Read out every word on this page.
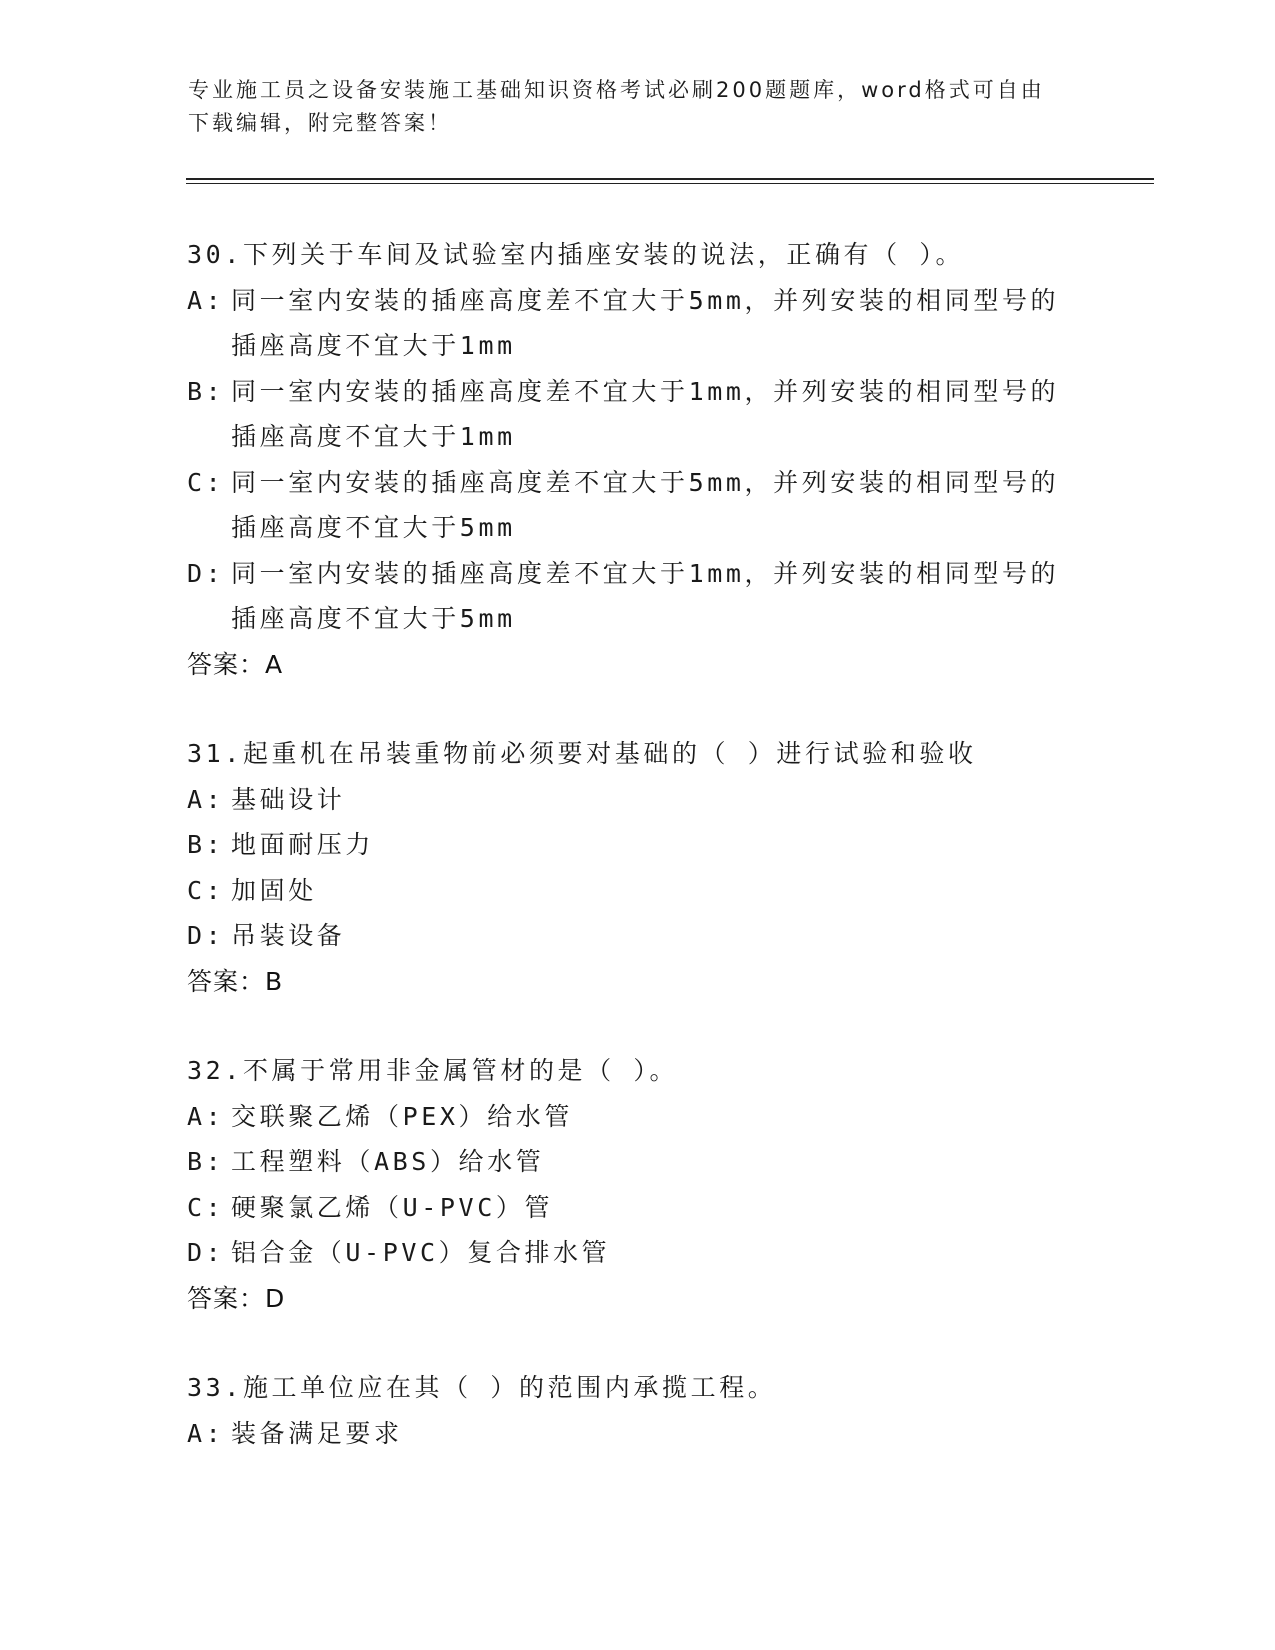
专业施工员之设备安装施工基础知识资格考试必刷200题题库，word格式可自由下载编辑，附完整答案！
30.下列关于车间及试验室内插座安装的说法，正确有（ ）。
A: 同一室内安装的插座高度差不宜大于5mm，并列安装的相同型号的插座高度不宜大于1mm
B: 同一室内安装的插座高度差不宜大于1mm，并列安装的相同型号的插座高度不宜大于1mm
C: 同一室内安装的插座高度差不宜大于5mm，并列安装的相同型号的插座高度不宜大于5mm
D: 同一室内安装的插座高度差不宜大于1mm，并列安装的相同型号的插座高度不宜大于5mm
答案：A
31.起重机在吊装重物前必须要对基础的（ ）进行试验和验收
A: 基础设计
B: 地面耐压力
C: 加固处
D: 吊装设备
答案：B
32.不属于常用非金属管材的是（ ）。
A: 交联聚乙烯（PEX）给水管
B: 工程塑料（ABS）给水管
C: 硬聚氯乙烯（U-PVC）管
D: 铝合金（U-PVC）复合排水管
答案：D
33.施工单位应在其（ ）的范围内承揽工程。
A: 装备满足要求
